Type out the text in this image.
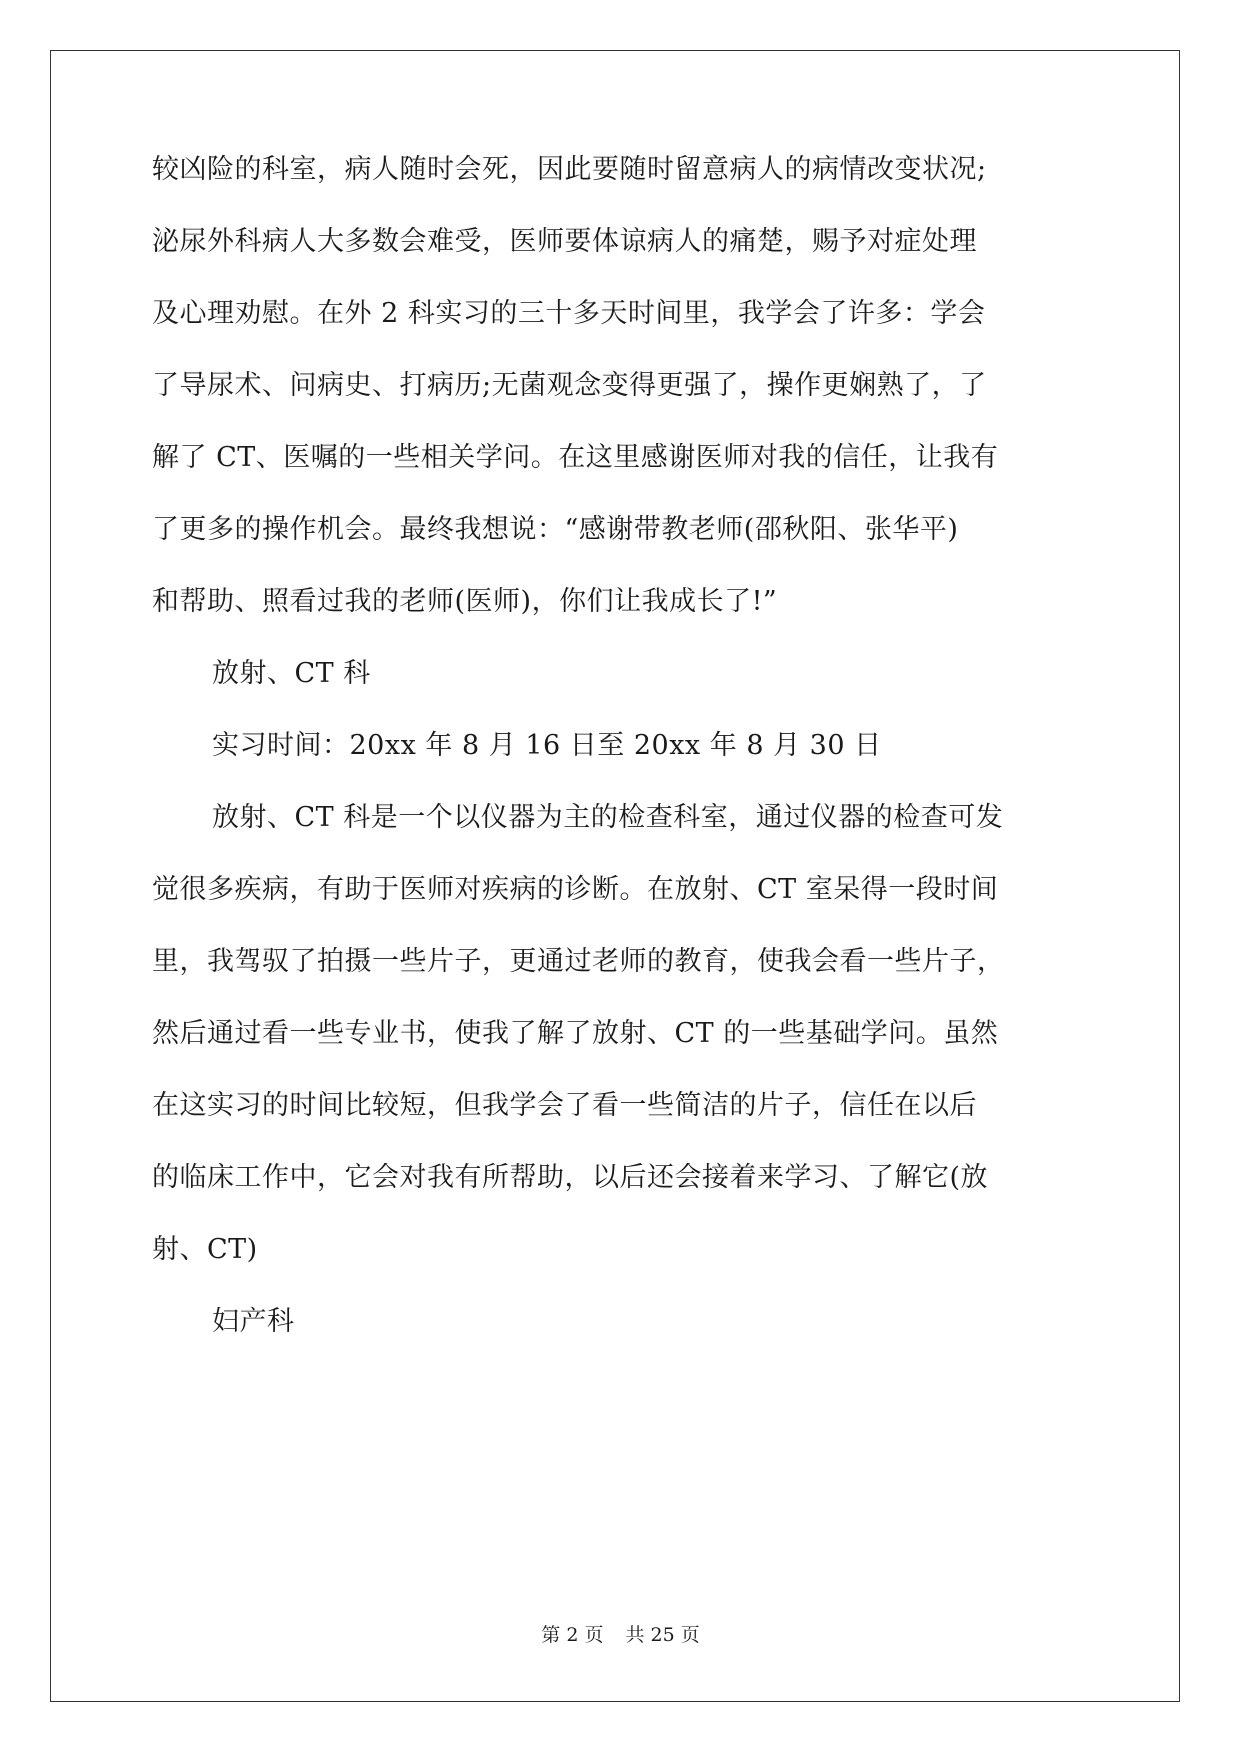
较凶险的科室，病人随时会死，因此要随时留意病人的病情改变状况;
泌尿外科病人大多数会难受，医师要体谅病人的痛楚，赐予对症处理
及心理劝慰。在外 2 科实习的三十多天时间里，我学会了许多：学会
了导尿术、问病史、打病历;无菌观念变得更强了，操作更娴熟了，了
解了 CT、医嘱的一些相关学问。在这里感谢医师对我的信任，让我有
了更多的操作机会。最终我想说：“感谢带教老师(邵秋阳、张华平)
和帮助、照看过我的老师(医师)，你们让我成长了!”
放射、CT 科
实习时间：20xx 年 8 月 16 日至 20xx 年 8 月 30 日
放射、CT 科是一个以仪器为主的检查科室，通过仪器的检查可发
觉很多疾病，有助于医师对疾病的诊断。在放射、CT 室呆得一段时间
里，我驾驭了拍摄一些片子，更通过老师的教育，使我会看一些片子，
然后通过看一些专业书，使我了解了放射、CT 的一些基础学问。虽然
在这实习的时间比较短，但我学会了看一些简洁的片子，信任在以后
的临床工作中，它会对我有所帮助，以后还会接着来学习、了解它(放
射、CT)
妇产科
第 2 页 共 25 页
